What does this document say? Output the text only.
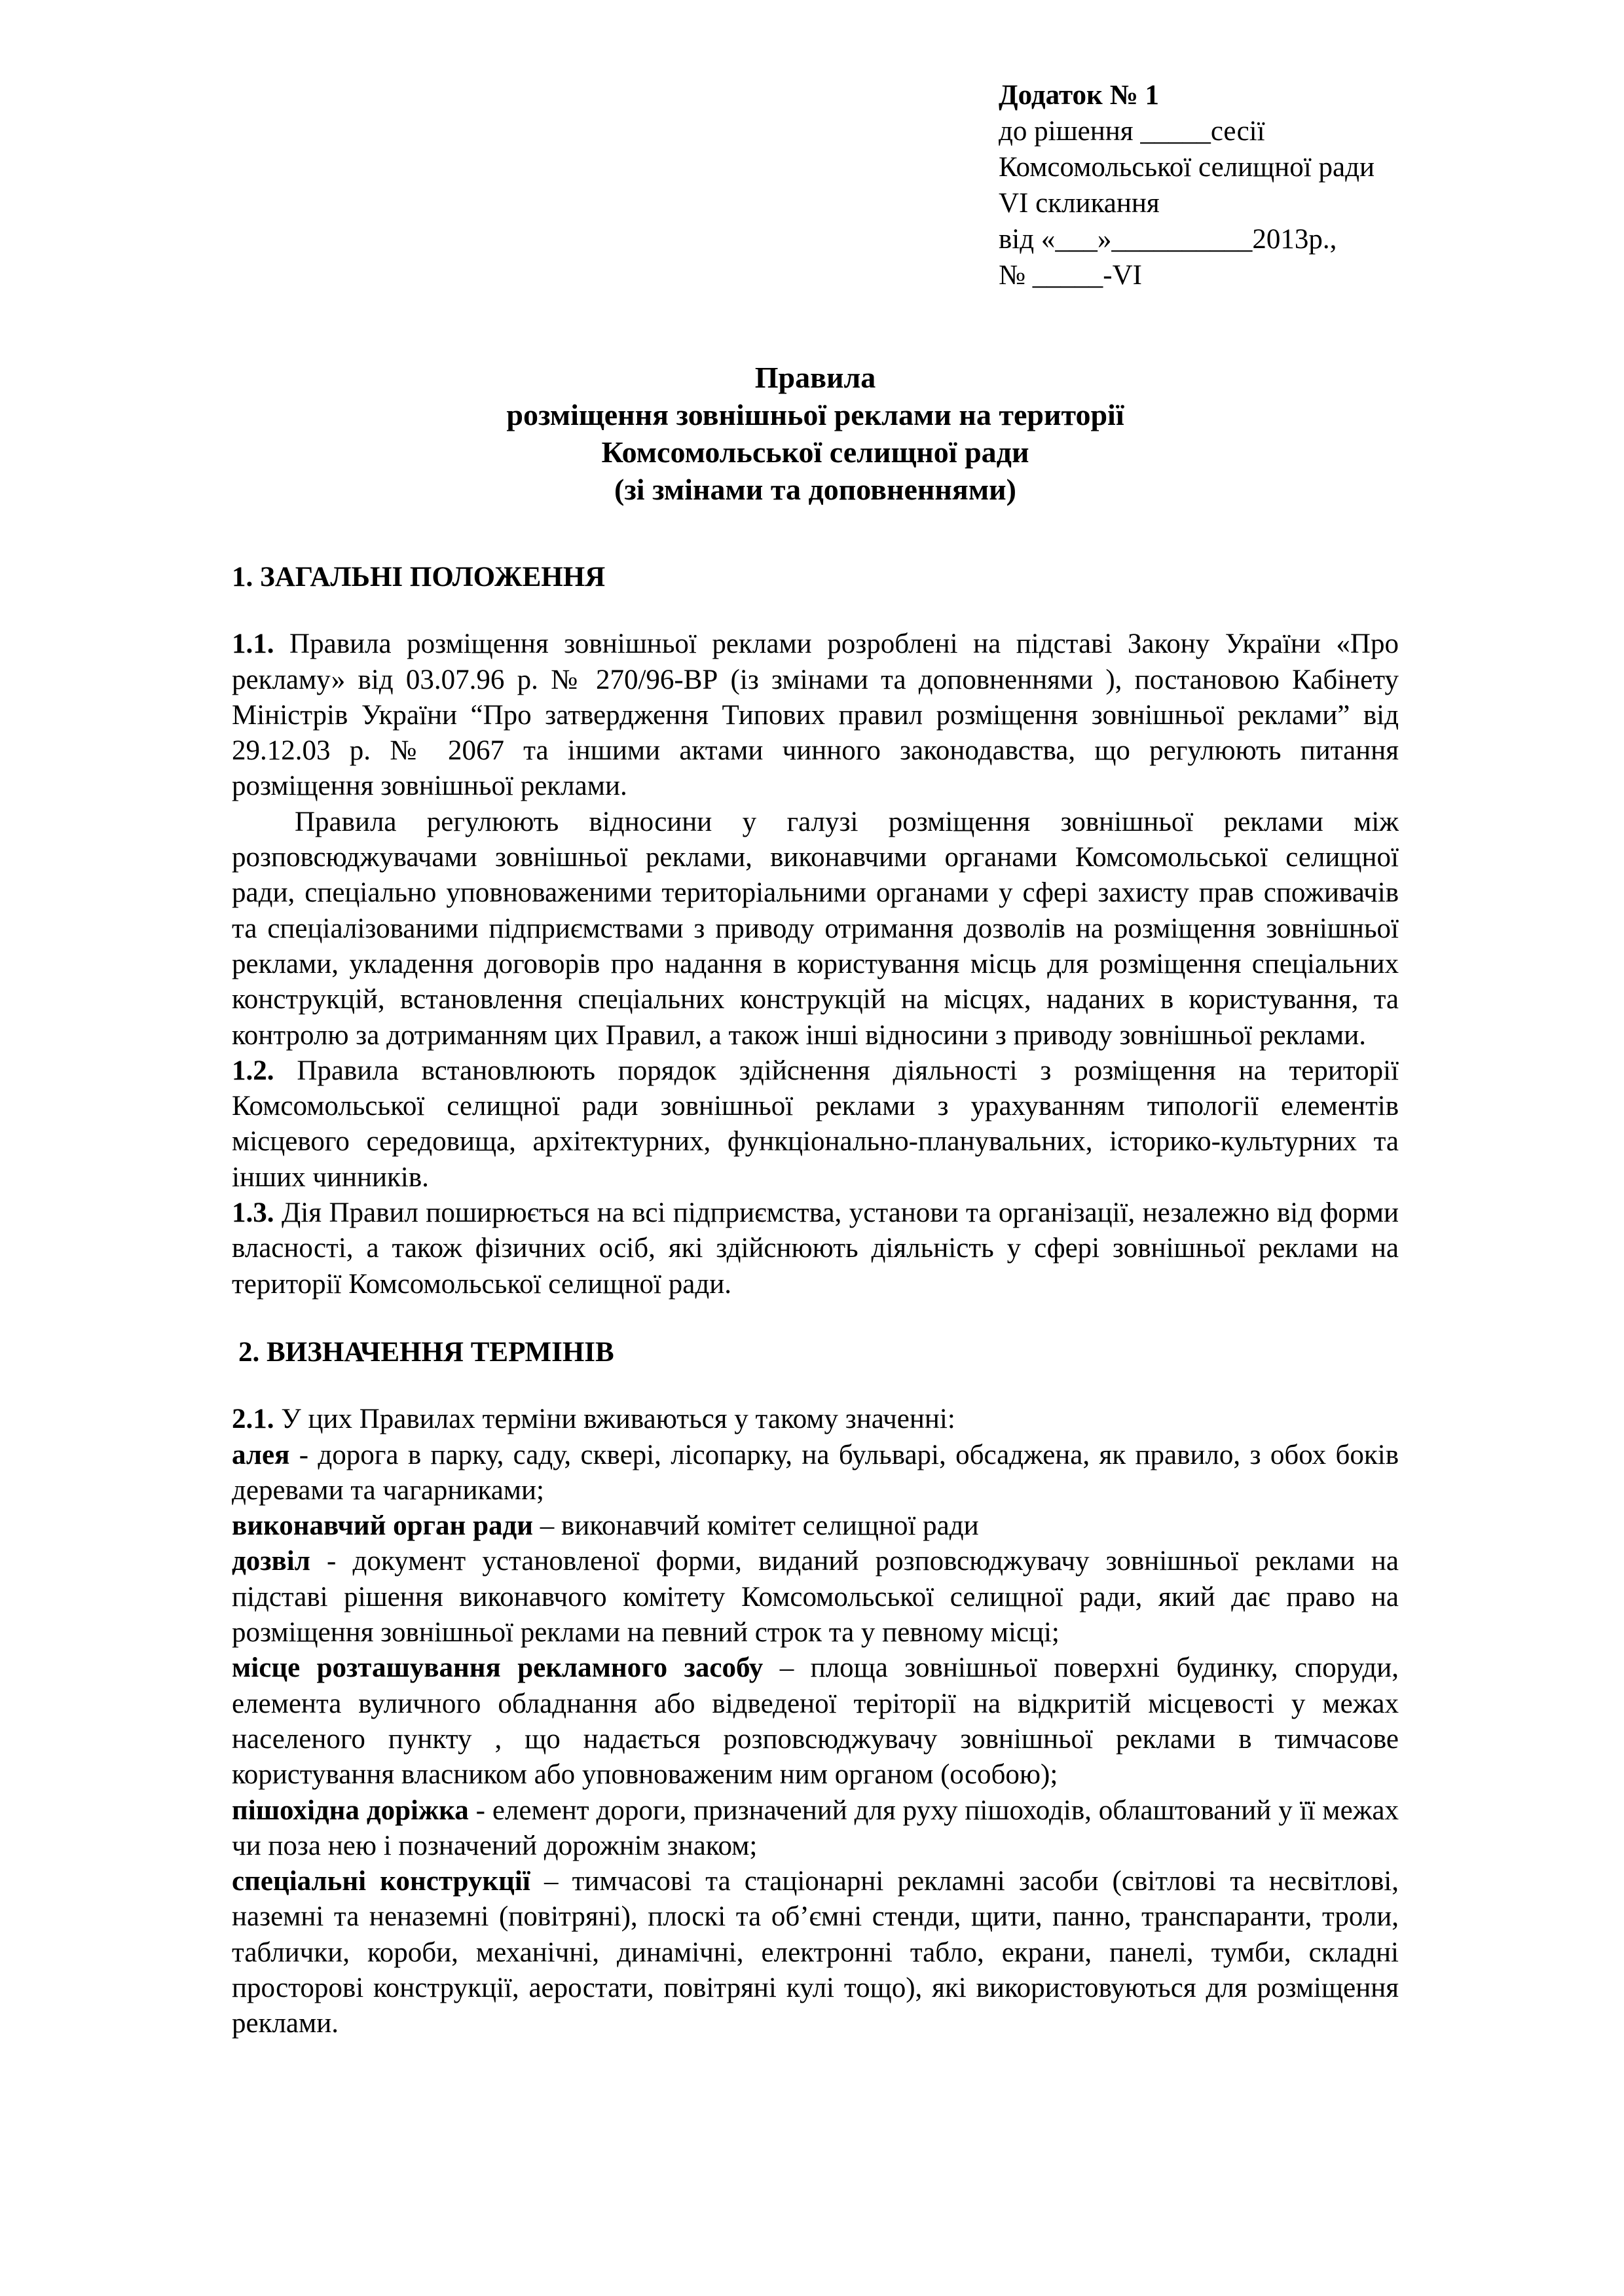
Додаток № 1
до рішення _____сесії
Комсомольської селищної ради
VI скликання
від «___»__________2013р.,
№ _____-VI
Правила
розміщення зовнішньої реклами на території
Комсомольської селищної ради
(зі змінами та доповненнями)
1. ЗАГАЛЬНІ ПОЛОЖЕННЯ

1.1. Правила розміщення зовнішньої реклами розроблені на підставі Закону України «Про рекламу» від 03.07.96 р. № 270/96-ВР (із змінами та доповненнями ), постановою Кабінету Міністрів України “Про затвердження Типових правил розміщення зовнішньої реклами” від 29.12.03 р. № 2067 та іншими актами чинного законодавства, що регулюють питання розміщення зовнішньої реклами.

Правила регулюють відносини у галузі розміщення зовнішньої реклами між розповсюджувачами зовнішньої реклами, виконавчими органами Комсомольської селищної ради, спеціально уповноваженими територіальними органами у сфері захисту прав споживачів та спеціалізованими підприємствами з приводу отримання дозволів на розміщення зовнішньої реклами, укладення договорів про надання в користування місць для розміщення спеціальних конструкцій, встановлення спеціальних конструкцій на місцях, наданих в користування, та контролю за дотриманням цих Правил, а також інші відносини з приводу зовнішньої реклами.

1.2. Правила встановлюють порядок здійснення діяльності з розміщення на території Комсомольської селищної ради зовнішньої реклами з урахуванням типології елементів місцевого середовища, архітектурних, функціонально-планувальних, історико-культурних та інших чинників.

1.3. Дія Правил поширюється на всі підприємства, установи та організації, незалежно від форми власності, а також фізичних осіб, які здійснюють діяльність у сфері зовнішньої реклами на території Комсомольської селищної ради.

2. ВИЗНАЧЕННЯ ТЕРМІНІВ

2.1. У цих Правилах терміни вживаються у такому значенні:

алея - дорога в парку, саду, сквері, лісопарку, на бульварі, обсаджена, як правило, з обох боків деревами та чагарниками;

виконавчий орган ради – виконавчий комітет селищної ради

дозвіл - документ установленої форми, виданий розповсюджувачу зовнішньої реклами на підставі рішення виконавчого комітету Комсомольської селищної ради, який дає право на розміщення зовнішньої реклами на певний строк та у певному місці;

місце розташування рекламного засобу – площа зовнішньої поверхні будинку, споруди, елемента вуличного обладнання або відведеної теріторії на відкритій місцевості у межах населеного пункту , що надається розповсюджувачу зовнішньої реклами в тимчасове користування власником або уповноваженим ним органом (особою);

пішохідна доріжка - елемент дороги, призначений для руху пішоходів, облаштований у її межах чи поза нею і позначений дорожнім знаком;

спеціальні конструкції – тимчасові та стаціонарні рекламні засоби (світлові та несвітлові, наземні та неназемні (повітряні), плоскі та об’ємні стенди, щити, панно, транспаранти, троли, таблички, короби, механічні, динамічні, електронні табло, екрани, панелі, тумби, складні просторові конструкції, аеростати, повітряні кулі тощо), які використовуються для розміщення реклами.
